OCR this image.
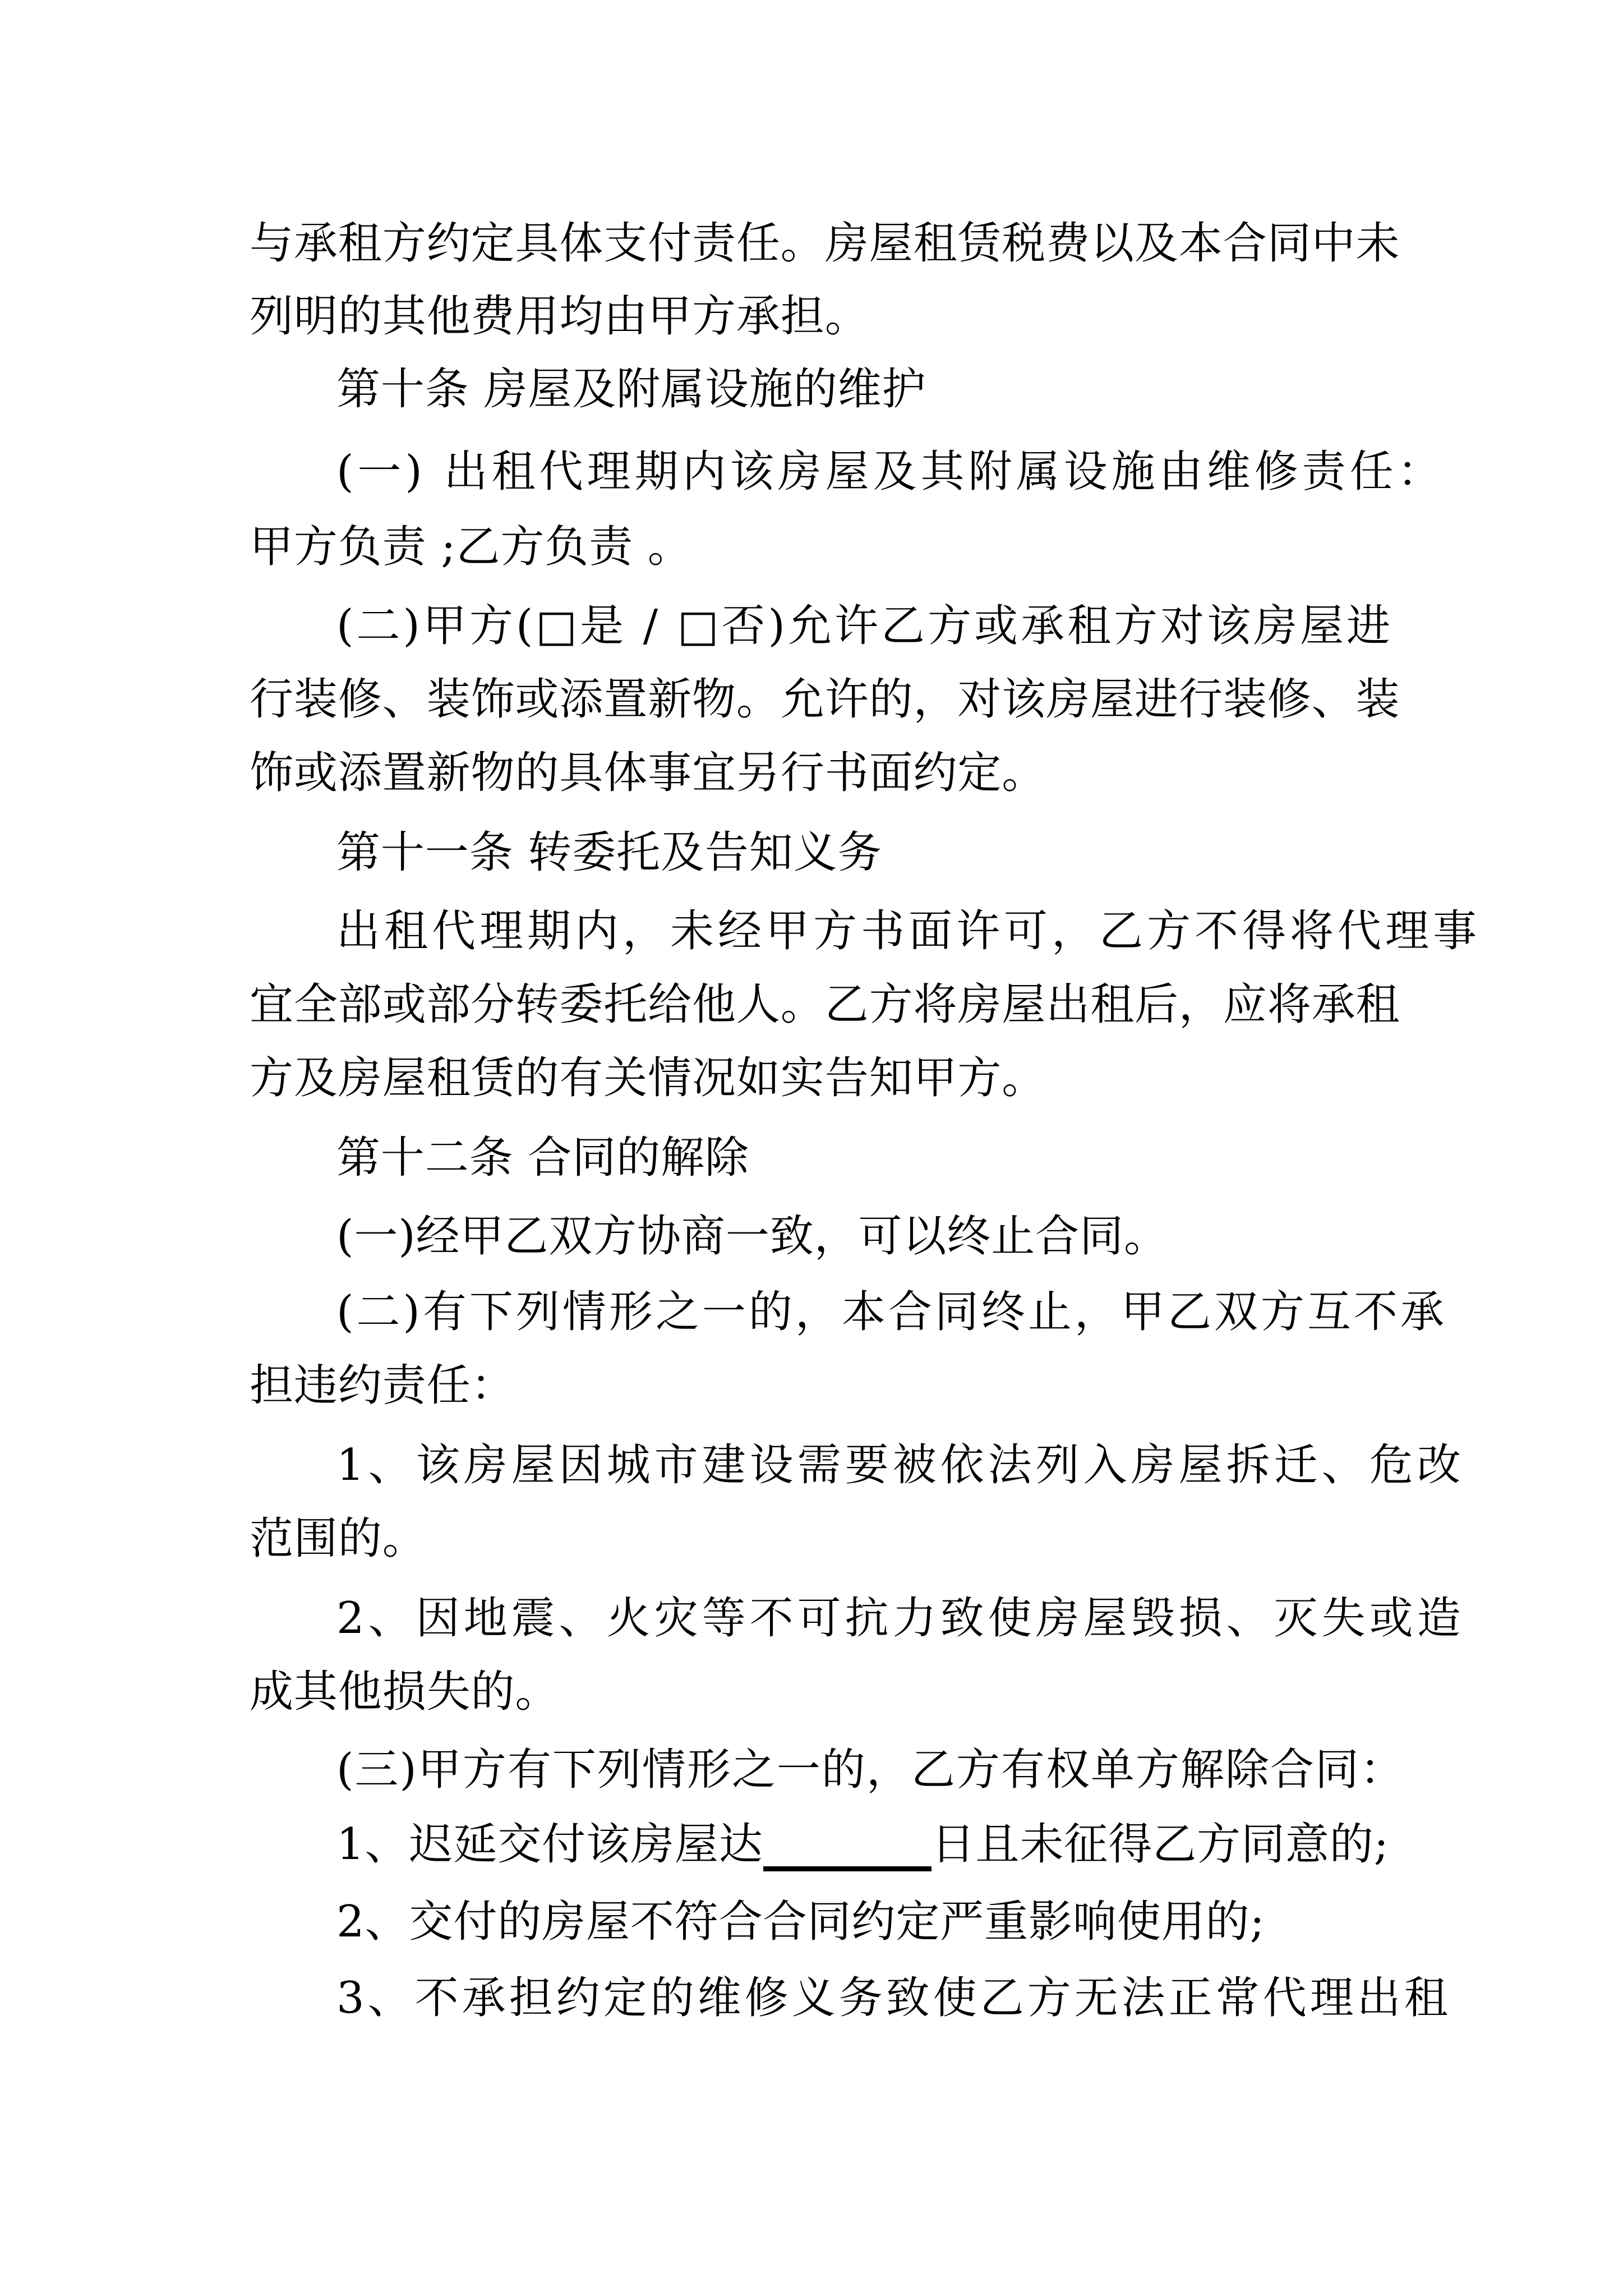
与承租方约定具体支付责任。房屋租赁税费以及本合同中未
列明的其他费用均由甲方承担。
第十条 房屋及附属设施的维护
(一) 出租代理期内该房屋及其附属设施由维修责任：
甲方负责 ;乙方负责 。
(二)甲方(□是 / □否)允许乙方或承租方对该房屋进
行装修、装饰或添置新物。允许的，对该房屋进行装修、装
饰或添置新物的具体事宜另行书面约定。
第十一条 转委托及告知义务
出租代理期内，未经甲方书面许可，乙方不得将代理事
宜全部或部分转委托给他人。乙方将房屋出租后，应将承租
方及房屋租赁的有关情况如实告知甲方。
第十二条 合同的解除
(一)经甲乙双方协商一致，可以终止合同。
(二)有下列情形之一的，本合同终止，甲乙双方互不承
担违约责任：
1、该房屋因城市建设需要被依法列入房屋拆迁、危改
范围的。
2、因地震、火灾等不可抗力致使房屋毁损、灭失或造
成其他损失的。
(三)甲方有下列情形之一的，乙方有权单方解除合同：
1、迟延交付该房屋达	日且未征得乙方同意的;
2、交付的房屋不符合合同约定严重影响使用的;
3、不承担约定的维修义务致使乙方无法正常代理出租
